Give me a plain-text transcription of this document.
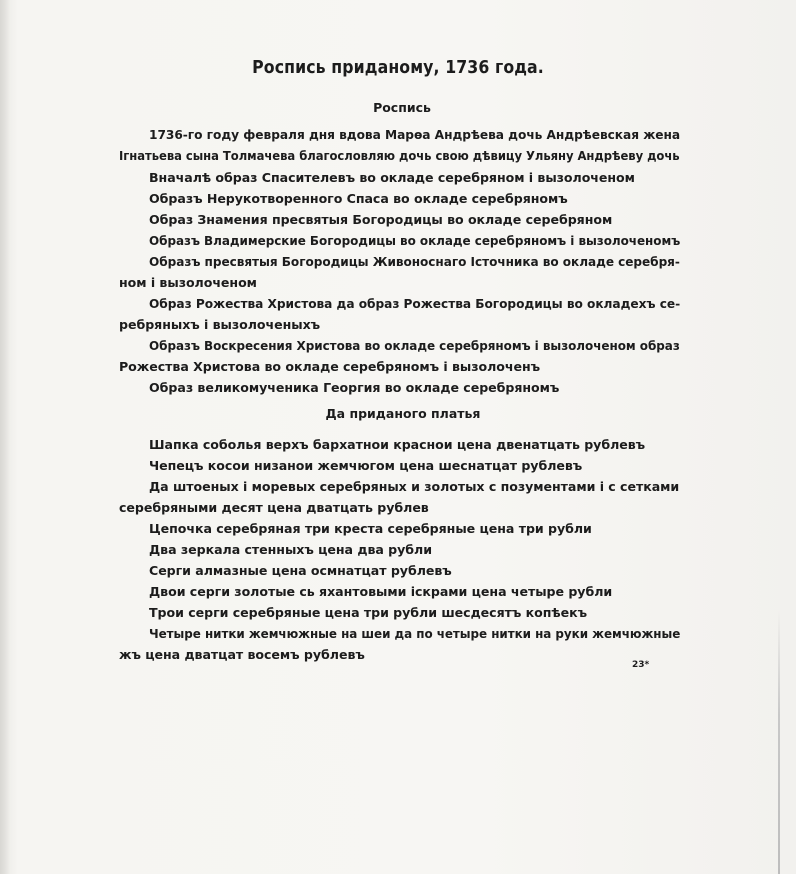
Роспись приданому, 1736 года.
Роспись
1736-го году февраля дня вдова Марѳа Андрѣева дочь Андрѣевская жена
Iгнатьева сына Толмачева благословляю дочь свою дѣвицу Ульяну Андрѣеву дочь
Вначалѣ образ Спасителевъ во окладе серебряном i вызолоченом
Образъ Нерукотворенного Спаса во окладе серебряномъ
Образ Знамения пресвятыя Богородицы во окладе серебряном
Образъ Владимерские Богородицы во окладе серебряномъ i вызолоченомъ
Образъ пресвятыя Богородицы Живоноснаго Iсточника во окладе серебря-
ном i вызолоченом
Образ Рожества Христова да образ Рожества Богородицы во окладехъ се-
ребряныхъ i вызолоченыхъ
Образъ Воскресения Христова во окладе серебряномъ i вызолоченом образ
Рожества Христова во окладе серебряномъ i вызолоченъ
Образ великомученика Георгия во окладе серебряномъ
Да приданого платья
Шапка соболья верхъ бархатнои краснои цена двенатцать рублевъ
Чепецъ косои низанои жемчюгом цена шеснатцат рублевъ
Да штоеных i моревых серебряных и золотых с позументами i с сетками
серебряными десят цена дватцать рублев
Цепочка серебряная три креста серебряные цена три рубли
Два зеркала стенныхъ цена два рубли
Серги алмазные цена осмнатцат рублевъ
Двои серги золотые сь яхантовыми iскрами цена четыре рубли
Трои серги серебряные цена три рубли шесдесятъ копѣекъ
Четыре нитки жемчюжные на шеи да по четыре нитки на руки жемчюжные
жъ цена дватцат восемъ рублевъ
23*
